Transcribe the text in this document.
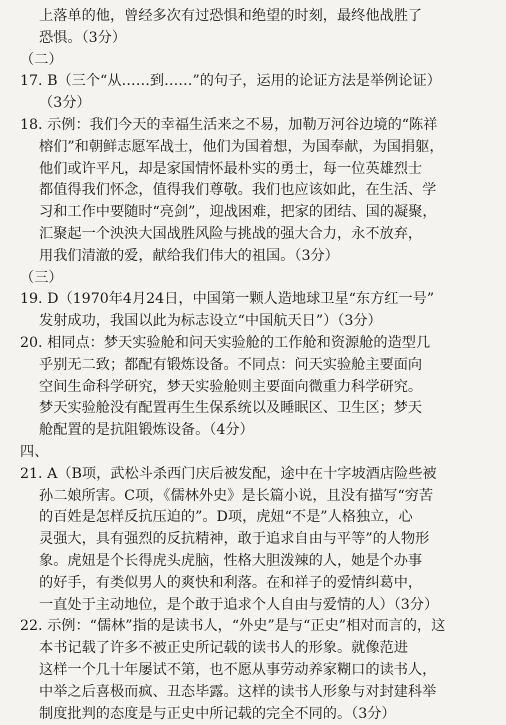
上落单的他，曾经多次有过恐惧和绝望的时刻，最终他战胜了
恐惧。（3分）
（二）
17. B（三个“从……到……”的句子，运用的论证方法是举例论证）
（3分）
18. 示例：我们今天的幸福生活来之不易，加勒万河谷边境的“陈祥
榕们”和朝鲜志愿军战士，他们为国着想，为国奉献，为国捐躯，
他们或许平凡，却是家国情怀最朴实的勇士，每一位英雄烈士
都值得我们怀念，值得我们尊敬。我们也应该如此，在生活、学
习和工作中要随时“亮剑”，迎战困难，把家的团结、国的凝聚，
汇聚起一个泱泱大国战胜风险与挑战的强大合力，永不放弃，
用我们清澈的爱，献给我们伟大的祖国。（3分）
（三）
19. D（1970年4月24日，中国第一颗人造地球卫星“东方红一号”
发射成功，我国以此为标志设立“中国航天日”）（3分）
20. 相同点：梦天实验舱和问天实验舱的工作舱和资源舱的造型几
乎别无二致；都配有锻炼设备。不同点：问天实验舱主要面向
空间生命科学研究，梦天实验舱则主要面向微重力科学研究。
梦天实验舱没有配置再生生保系统以及睡眠区、卫生区；梦天
舱配置的是抗阻锻炼设备。（4分）
四、
21. A（B项，武松斗杀西门庆后被发配，途中在十字坡酒店险些被
孙二娘所害。C项，《儒林外史》是长篇小说，且没有描写“穷苦
的百姓是怎样反抗压迫的”。D项，虎妞“不是”人格独立，心
灵强大，具有强烈的反抗精神，敢于追求自由与平等”的人物形
象。虎妞是个长得虎头虎脑，性格大胆泼辣的人，她是个办事
的好手，有类似男人的爽快和利落。在和祥子的爱情纠葛中，
一直处于主动地位，是个敢于追求个人自由与爱情的人）（3分）
22. 示例：“儒林”指的是读书人，“外史”是与“正史”相对而言的，这
本书记载了许多不被正史所记载的读书人的形象。就像范进
这样一个几十年屡试不第，也不愿从事劳动养家糊口的读书人，
中举之后喜极而疯、丑态毕露。这样的读书人形象与对封建科举
制度批判的态度是与正史中所记载的完全不同的。（3分）
